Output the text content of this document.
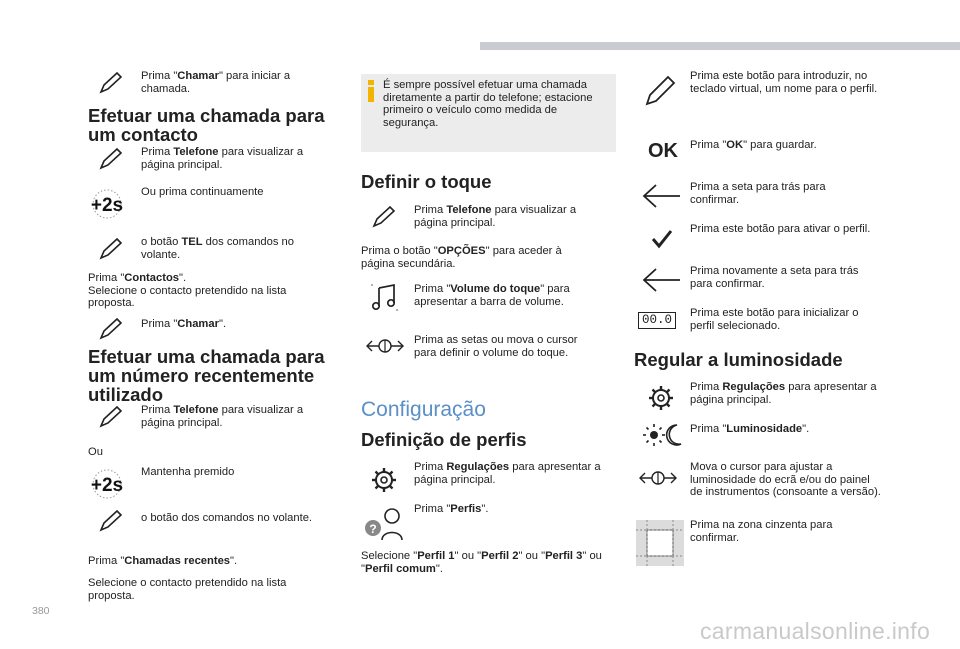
Prima "Chamar" para iniciar a chamada.
Efetuar uma chamada para um contacto
Prima Telefone para visualizar a página principal.
+2s
Ou prima continuamente
o botão TEL dos comandos no volante.
Prima "Contactos".
Selecione o contacto pretendido na lista proposta.
Prima "Chamar".
Efetuar uma chamada para um número recentemente utilizado
Prima Telefone para visualizar a página principal.
Ou
+2s
Mantenha premido
o botão dos comandos no volante.
Prima "Chamadas recentes".
Selecione o contacto pretendido na lista proposta.
É sempre possível efetuar uma chamada diretamente a partir do telefone; estacione primeiro o veículo como medida de segurança.
Definir o toque
Prima Telefone para visualizar a página principal.
Prima o botão "OPÇÕES" para aceder à página secundária.
Prima "Volume do toque" para apresentar a barra de volume.
Prima as setas ou mova o cursor para definir o volume do toque.
Configuração
Definição de perfis
Prima Regulações para apresentar a página principal.
?
Prima "Perfis".
Selecione "Perfil 1" ou "Perfil 2" ou "Perfil 3" ou "Perfil comum".
Prima este botão para introduzir, no teclado virtual, um nome para o perfil.
OK Prima "OK" para guardar.
Prima a seta para trás para confirmar.
Prima este botão para ativar o perfil.
Prima novamente a seta para trás para confirmar.
00.0	Prima este botão para inicializar o perfil selecionado.
Regular a luminosidade
Prima Regulações para apresentar a página principal.
Prima "Luminosidade".
Mova o cursor para ajustar a luminosidade do ecrã e/ou do painel de instrumentos (consoante a versão).
Prima na zona cinzenta para confirmar.
380
carmanualsonline.info
